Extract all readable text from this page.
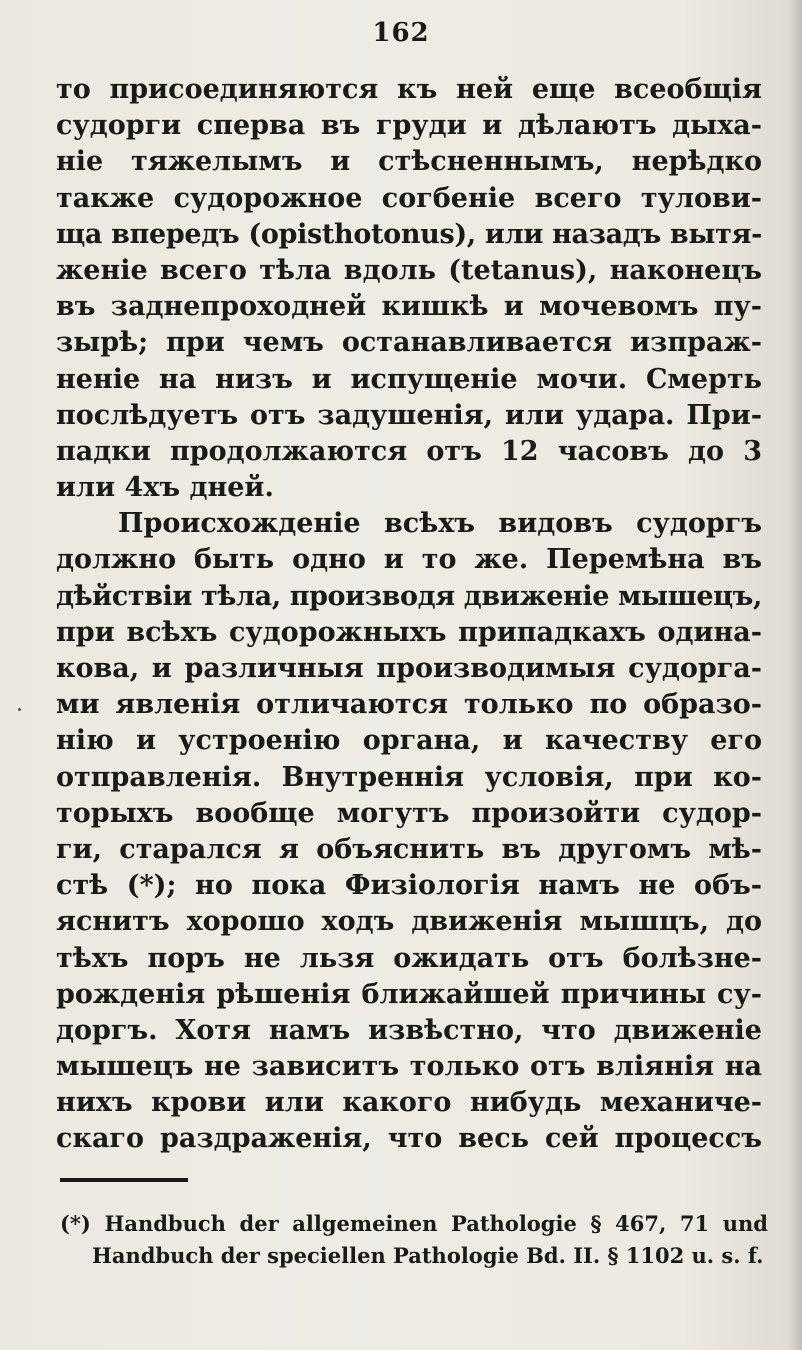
162
то присоединяются къ ней еще всеобщія
судорги сперва въ груди и дѣлаютъ дыха-
ніе тяжелымъ и стѣсненнымъ, нерѣдко
также судорожное согбеніе всего тулови-
ща впередъ (opisthotonus), или назадъ вытя-
женіе всего тѣла вдоль (tetanus), наконецъ
въ заднепроходней кишкѣ и мочевомъ пу-
зырѣ; при чемъ останавливается изпраж-
неніе на низъ и испущеніе мочи. Смерть
послѣдуетъ отъ задушенія, или удара. При-
падки продолжаются отъ 12 часовъ до 3
или 4хъ дней.
Происхожденіе всѣхъ видовъ судоргъ
должно быть одно и то же. Перемѣна въ
дѣйствіи тѣла, производя движеніе мышецъ,
при всѣхъ судорожныхъ припадкахъ одина-
кова, и различныя производимыя судорга-
ми явленія отличаются только по образо-
нію и устроенію органа, и качеству его
отправленія. Внутреннія условія, при ко-
торыхъ вообще могутъ произойти судор-
ги, старался я объяснить въ другомъ мѣ-
стѣ (*); но пока Физіологія намъ не объ-
яснитъ хорошо ходъ движенія мышцъ, до
тѣхъ поръ не льзя ожидать отъ болѣзне-
рожденія рѣшенія ближайшей причины су-
доргъ. Хотя намъ извѣстно, что движеніе
мышецъ не зависитъ только отъ вліянія на
нихъ крови или какого нибудь механиче-
скаго раздраженія, что весь сей процессъ
(*) Handbuch der allgemeinen Pathologie § 467, 71 und
Handbuch der speciellen Pathologie Bd. II. § 1102 u. s. f.
